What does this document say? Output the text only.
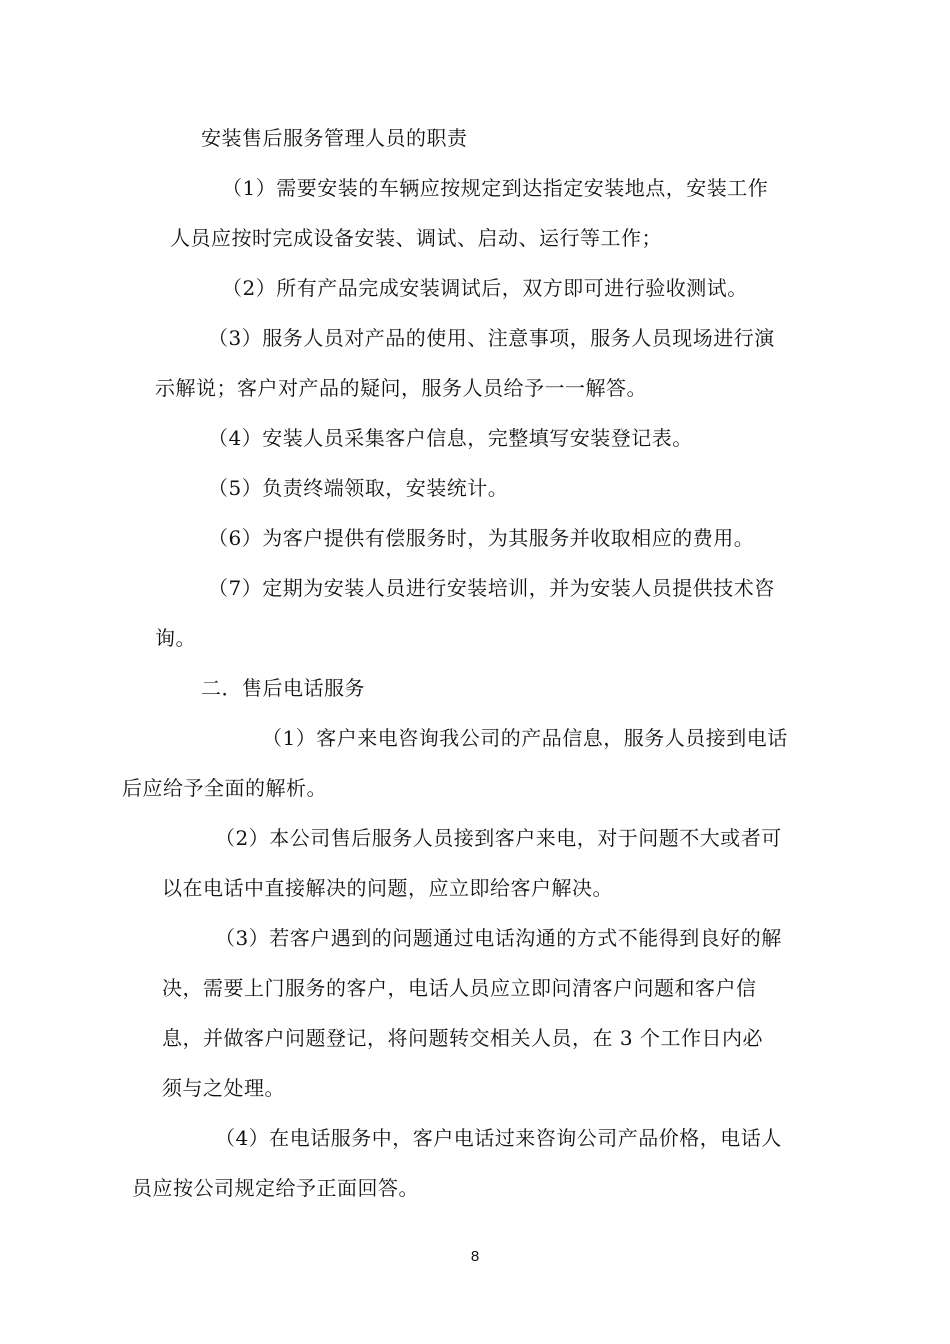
安装售后服务管理人员的职责

（1）需要安装的车辆应按规定到达指定安装地点，安装工作

人员应按时完成设备安装、调试、启动、运行等工作；

（2）所有产品完成安装调试后，双方即可进行验收测试。

（3）服务人员对产品的使用、注意事项，服务人员现场进行演

示解说；客户对产品的疑问，服务人员给予一一解答。

（4）安装人员采集客户信息，完整填写安装登记表。

（5）负责终端领取，安装统计。

（6）为客户提供有偿服务时，为其服务并收取相应的费用。

（7）定期为安装人员进行安装培训，并为安装人员提供技术咨

询。

二．售后电话服务

（1）客户来电咨询我公司的产品信息，服务人员接到电话

后应给予全面的解析。

（2）本公司售后服务人员接到客户来电，对于问题不大或者可

以在电话中直接解决的问题，应立即给客户解决。

（3）若客户遇到的问题通过电话沟通的方式不能得到良好的解

决，需要上门服务的客户，电话人员应立即问清客户问题和客户信

息，并做客户问题登记，将问题转交相关人员，在 3 个工作日内必

须与之处理。

（4）在电话服务中，客户电话过来咨询公司产品价格，电话人

员应按公司规定给予正面回答。

8
